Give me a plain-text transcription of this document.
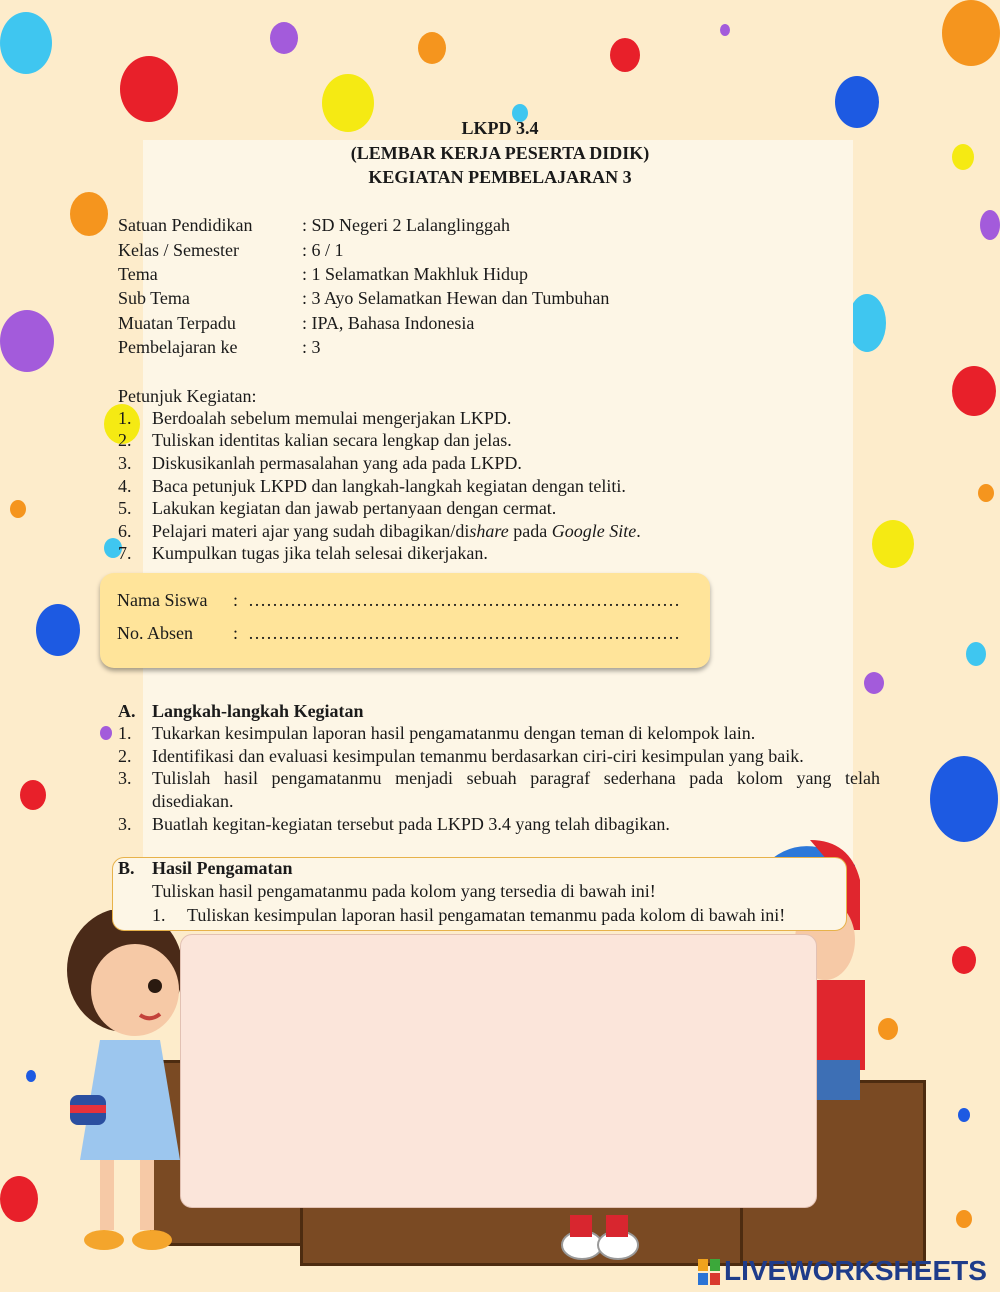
LKPD 3.4
(LEMBAR KERJA PESERTA DIDIK)
KEGIATAN PEMBELAJARAN 3
Satuan Pendidikan	: SD Negeri 2 Lalanglinggah
Kelas / Semester	: 6 / 1
Tema	: 1 Selamatkan Makhluk Hidup
Sub Tema	: 3 Ayo Selamatkan Hewan dan Tumbuhan
Muatan Terpadu	: IPA, Bahasa Indonesia
Pembelajaran ke	: 3
Petunjuk Kegiatan:
1. Berdoalah sebelum memulai mengerjakan LKPD.
2. Tuliskan identitas kalian secara lengkap dan jelas.
3. Diskusikanlah permasalahan yang ada pada LKPD.
4. Baca petunjuk LKPD dan langkah-langkah kegiatan dengan teliti.
5. Lakukan kegiatan dan jawab pertanyaan dengan cermat.
6. Pelajari materi ajar yang sudah dibagikan/dishare pada Google Site.
7. Kumpulkan tugas jika telah selesai dikerjakan.
Nama Siswa : ………………………………………………………………
No. Absen : ………………………………………………………………
A. Langkah-langkah Kegiatan
1. Tukarkan kesimpulan laporan hasil pengamatanmu dengan teman di kelompok lain.
2. Identifikasi dan evaluasi kesimpulan temanmu berdasarkan ciri-ciri kesimpulan yang baik.
3. Tulislah hasil pengamatanmu menjadi sebuah paragraf sederhana pada kolom yang telah
disediakan.
3. Buatlah kegitan-kegiatan tersebut pada LKPD 3.4 yang telah dibagikan.
B. Hasil Pengamatan
Tuliskan hasil pengamatanmu pada kolom yang tersedia di bawah ini!
1. Tuliskan kesimpulan laporan hasil pengamatan temanmu pada kolom di bawah ini!
LIVEWORKSHEETS
